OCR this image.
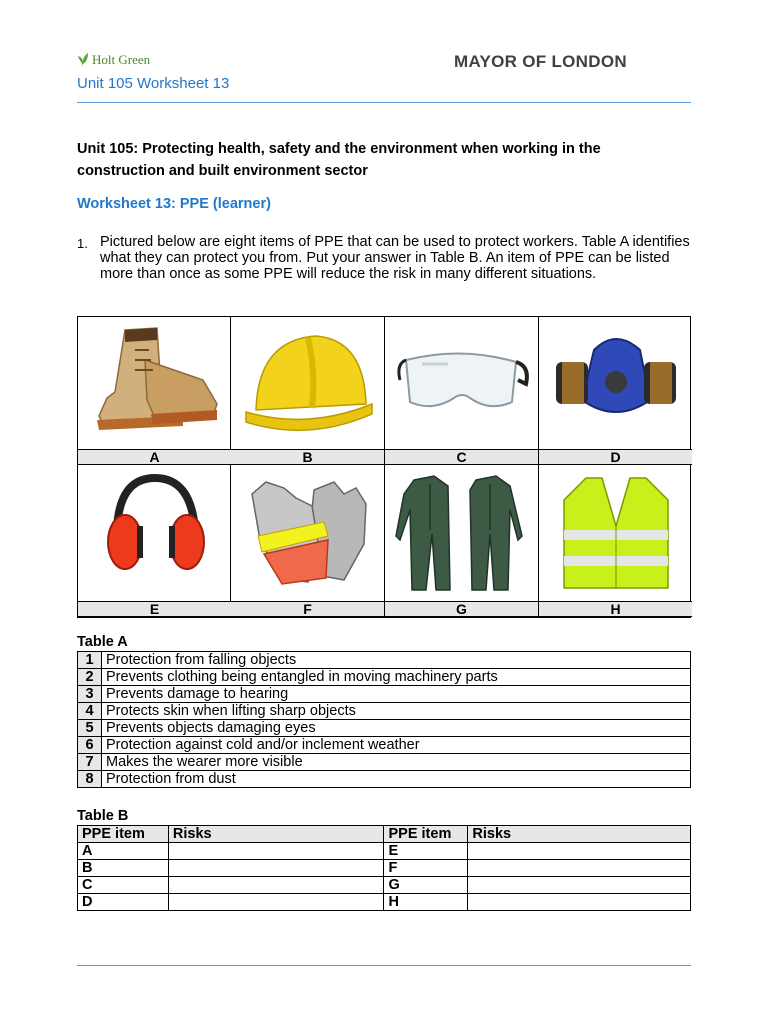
Holt Green	MAYOR OF LONDON
Unit 105 Worksheet 13
Unit 105: Protecting health, safety and the environment when working in the construction and built environment sector
Worksheet 13: PPE (learner)
1. Pictured below are eight items of PPE that can be used to protect workers. Table A identifies what they can protect you from. Put your answer in Table B. An item of PPE can be listed more than once as some PPE will reduce the risk in many different situations.
A	B	C	D
E	F	G	H
Table A
1	Protection from falling objects
2	Prevents clothing being entangled in moving machinery parts
3	Prevents damage to hearing
4	Protects skin when lifting sharp objects
5	Prevents objects damaging eyes
6	Protection against cold and/or inclement weather
7	Makes the wearer more visible
8	Protection from dust
Table B
PPE item	Risks	PPE item	Risks
A		E	
B		F	
C		G	
D		H	
